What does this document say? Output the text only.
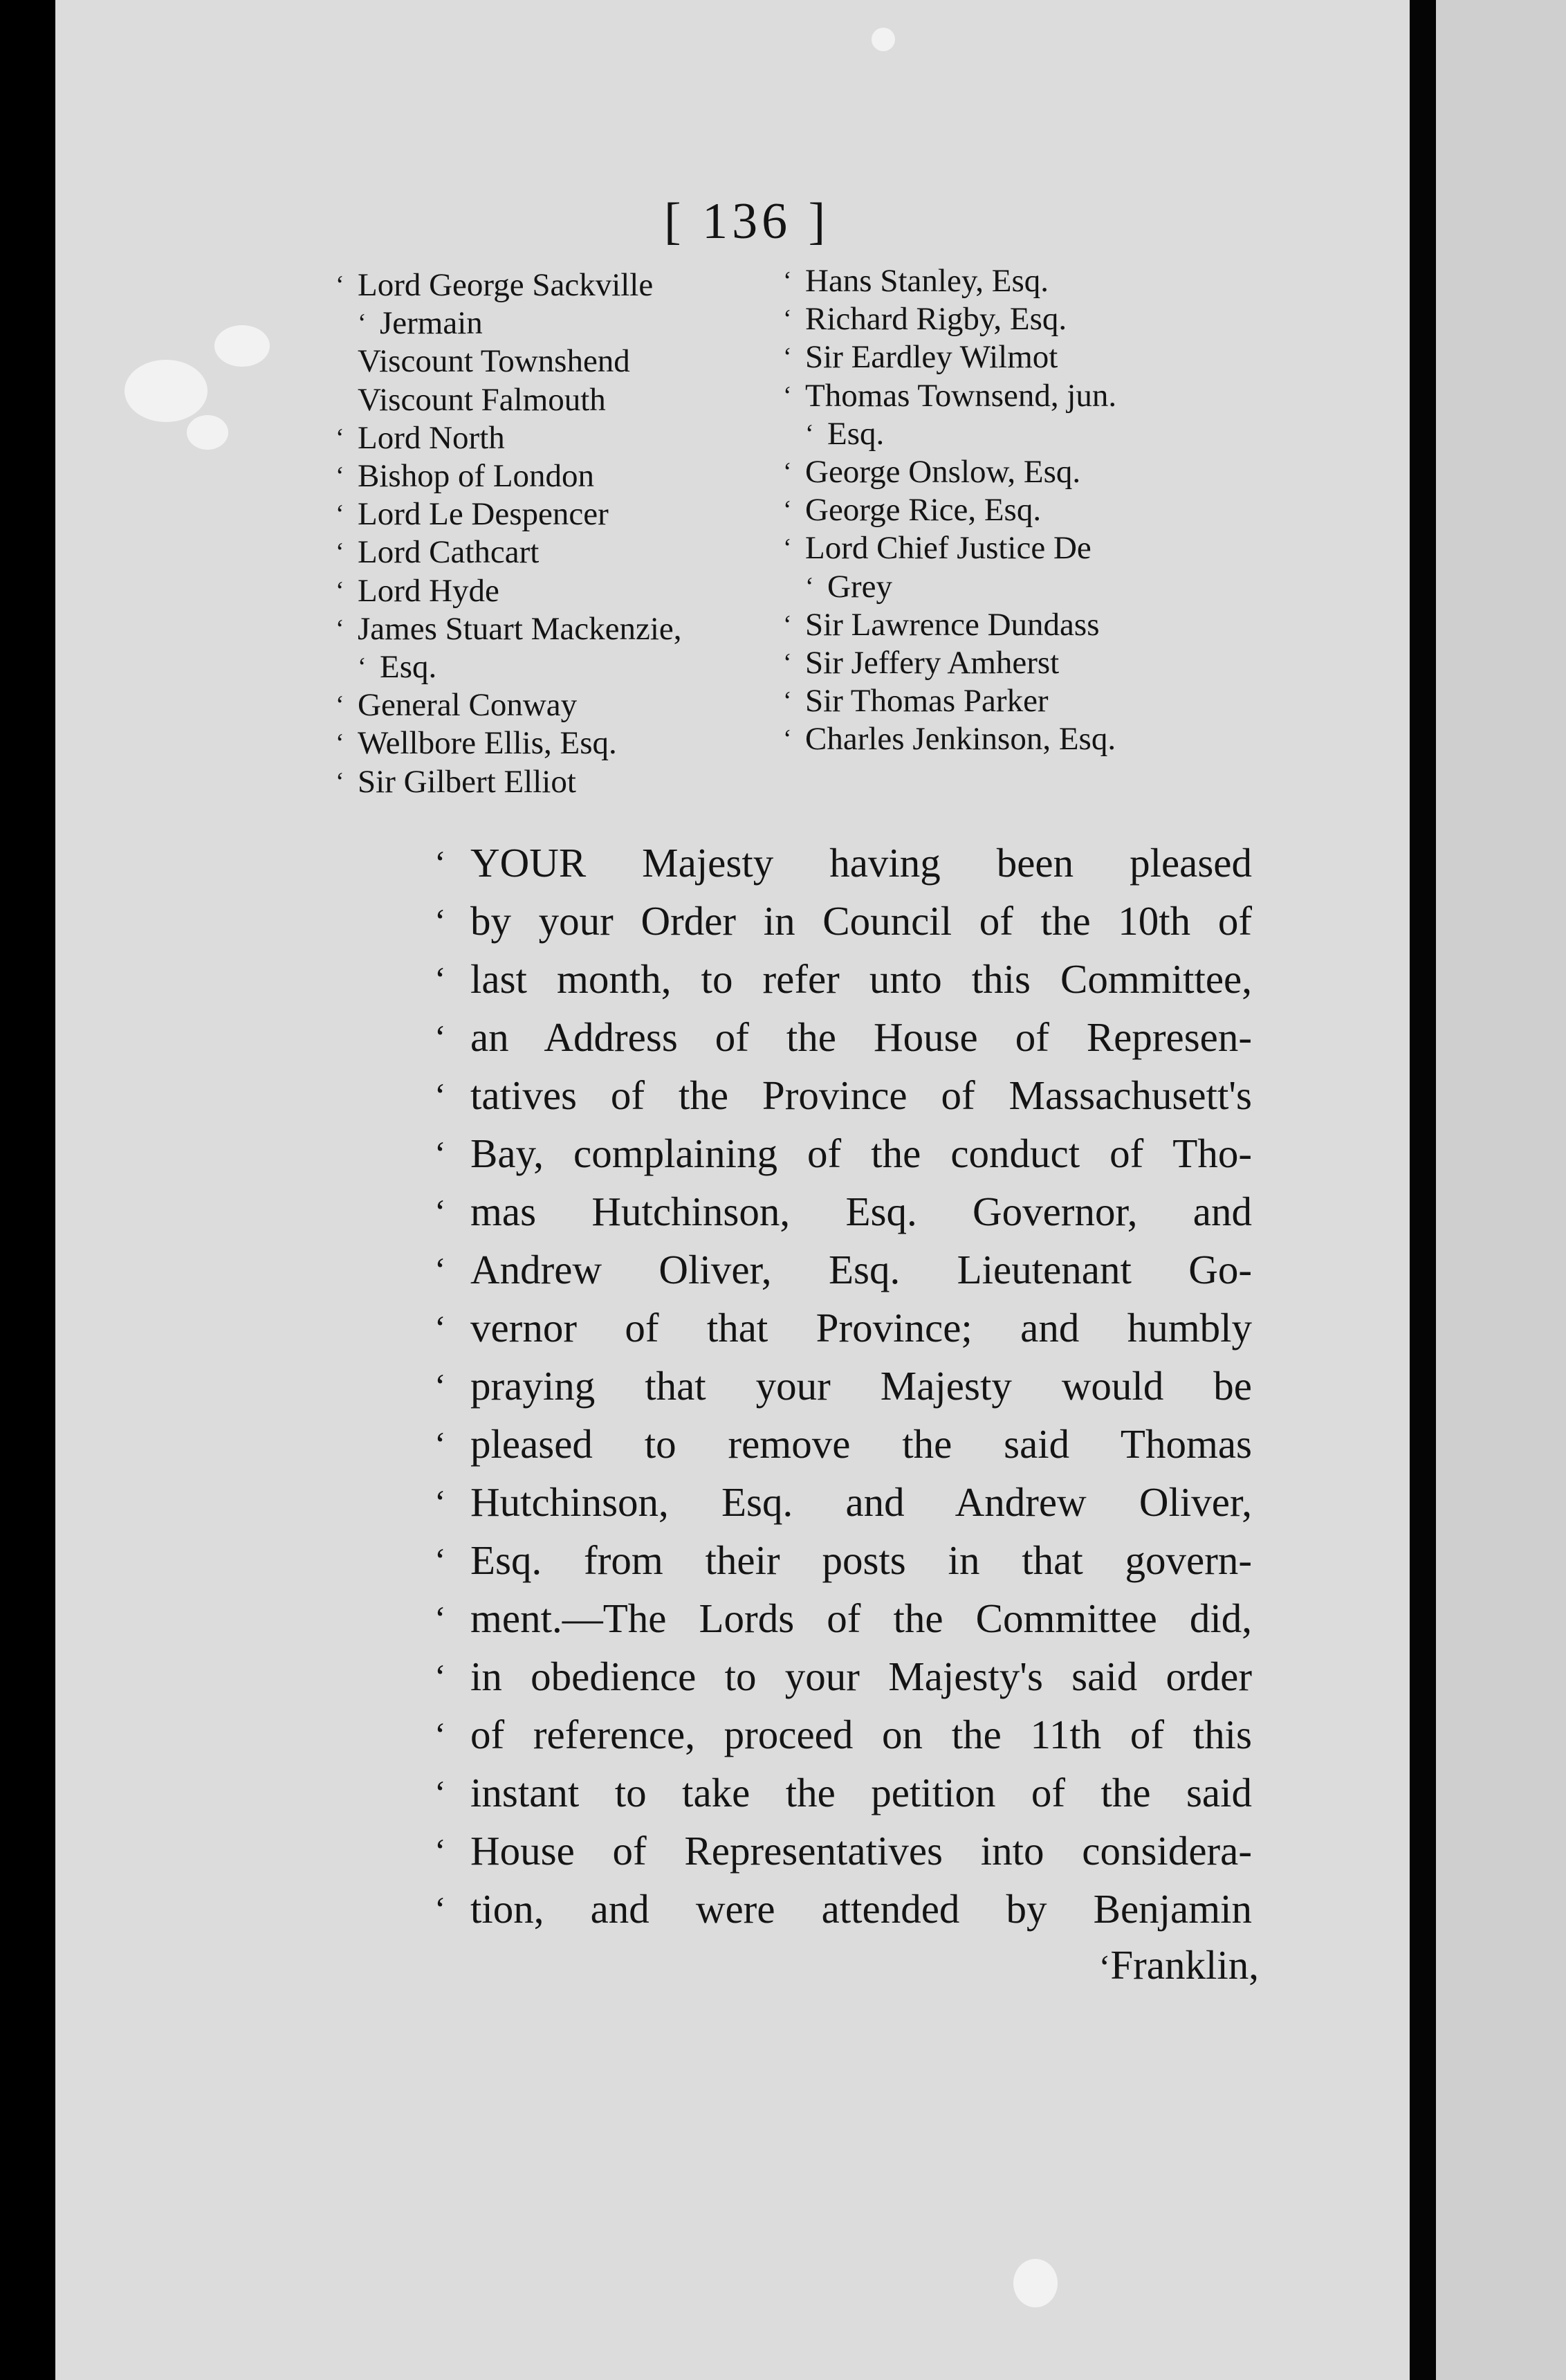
[ 136 ]
‘ Lord George Sackville
‘ Jermain
Viscount Townshend
Viscount Falmouth
‘ Lord North
‘ Bishop of London
‘ Lord Le Despencer
‘ Lord Cathcart
‘ Lord Hyde
‘ James Stuart Mackenzie,
‘ Esq.
‘ General Conway
‘ Wellbore Ellis, Esq.
‘ Sir Gilbert Elliot
‘ Hans Stanley, Esq.
‘ Richard Rigby, Esq.
‘ Sir Eardley Wilmot
‘ Thomas Townsend, jun.
‘ Esq.
‘ George Onslow, Esq.
‘ George Rice, Esq.
‘ Lord Chief Justice De
‘ Grey
‘ Sir Lawrence Dundass
‘ Sir Jeffery Amherst
‘ Sir Thomas Parker
‘ Charles Jenkinson, Esq.
‘
‘
‘
‘
‘
‘
‘
‘
‘
‘
‘
‘
‘
‘
‘
‘
‘
‘
‘

YOUR Majesty having been pleased
by your Order in Council of the 10th of
last month, to refer unto this Committee,
an Address of the House of Represen-
tatives of the Province of Massachusett's
Bay, complaining of the conduct of Tho-
mas Hutchinson, Esq. Governor, and
Andrew Oliver, Esq. Lieutenant Go-
vernor of that Province; and humbly
praying that your Majesty would be
pleased to remove the said Thomas
Hutchinson, Esq. and Andrew Oliver,
Esq. from their posts in that govern-
ment.—The Lords of the Committee did,
in obedience to your Majesty's said order
of reference, proceed on the 11th of this
instant to take the petition of the said
House of Representatives into considera-
tion, and were attended by Benjamin

‘ Franklin,
